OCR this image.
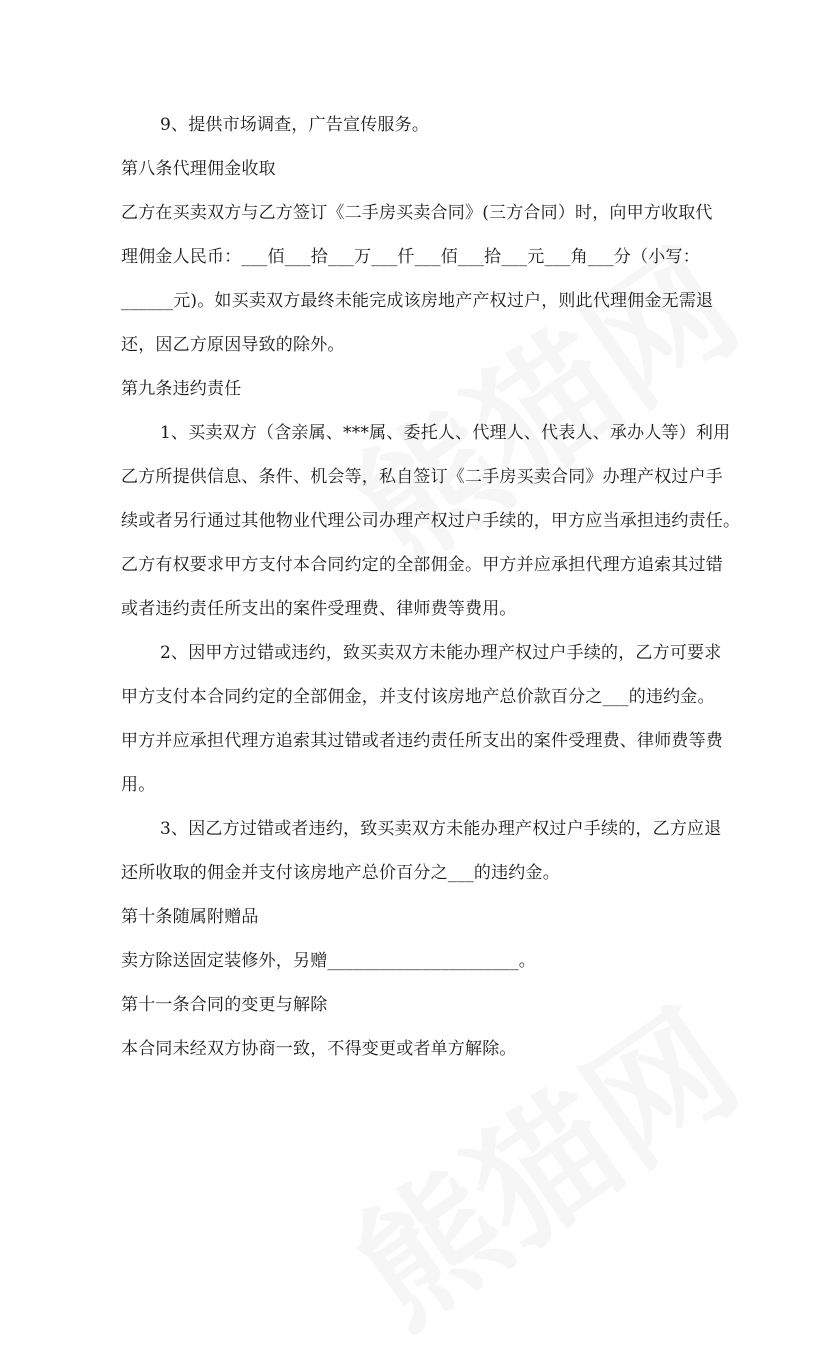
9、提供市场调查，广告宣传服务。
第八条代理佣金收取
乙方在买卖双方与乙方签订《二手房买卖合同》(三方合同）时，向甲方收取代
理佣金人民币：___佰___拾___万___仟___佰___拾___元___角___分（小写：
______元)。如买卖双方最终未能完成该房地产产权过户，则此代理佣金无需退
还，因乙方原因导致的除外。
第九条违约责任
1、买卖双方（含亲属、***属、委托人、代理人、代表人、承办人等）利用
乙方所提供信息、条件、机会等，私自签订《二手房买卖合同》办理产权过户手
续或者另行通过其他物业代理公司办理产权过户手续的，甲方应当承担违约责任。
乙方有权要求甲方支付本合同约定的全部佣金。甲方并应承担代理方追索其过错
或者违约责任所支出的案件受理费、律师费等费用。
2、因甲方过错或违约，致买卖双方未能办理产权过户手续的，乙方可要求
甲方支付本合同约定的全部佣金，并支付该房地产总价款百分之___的违约金。
甲方并应承担代理方追索其过错或者违约责任所支出的案件受理费、律师费等费
用。
3、因乙方过错或者违约，致买卖双方未能办理产权过户手续的，乙方应退
还所收取的佣金并支付该房地产总价百分之___的违约金。
第十条随属附赠品
卖方除送固定装修外，另赠______________________。
第十一条合同的变更与解除
本合同未经双方协商一致，不得变更或者单方解除。
